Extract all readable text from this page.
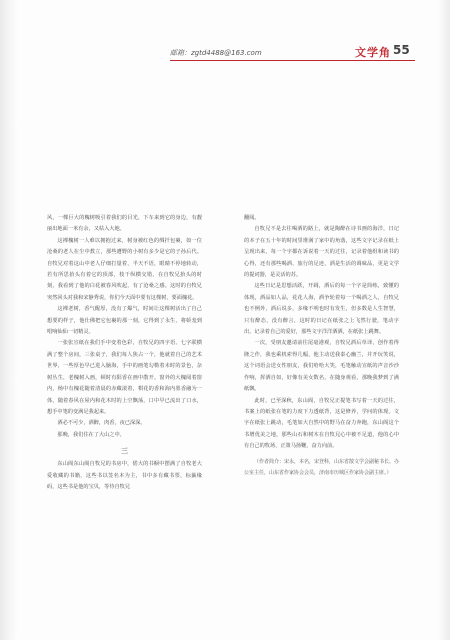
邮箱：zgtd4488@163.com	文学角 55

风，一棵巨大的槐树吸引着我们的目光，下车来到它的身边，有靓丽出地面一米有余，又枯入大地。

这裸槐树一人难以拥抱过来，树身被红色的绸扦包裹，如一位沧桑的老人在尘中教立，那些遭野的小树有多少是它的子孙后代。自牧兄对着这山中老人仔细打量着，半天不语，眼睛不停地转动，若有所思抬头有着它的顶部，枝干纵横交错，在自牧兄抬头的时刻，我看到了他的白花被春风吹起，有了沧桑之感。这时的自牧兄突然回头对我和宋静秀说，你们今天面中要有这棵树，要面槐花。

这裸老树，香气醒厚，没有了爆气，时间让这棵树活出了自己想要的样子，他仕佛把它包裹的那一刻，它得到了永生，将娇羞到唱响仙仙一切精灵。

一张张宣纸在我们手中变着色彩，自牧兄的四字语、七字联横满了整个房间，三张桌子，我们每人狭占一个，他就着自己的艺术世界，一些厚色早已进入脑海，手中的画笔勾勒着未时的景色，杂树丛生，老槐树入画，顿时有阳香在画中散开。窗外的大槐阅着窗内，杨中有槐花随着清晨的赤藏滚着，棋花的香和海内墨香融为一体，随着春风在屋内和花木时的上空飘荡，口中早已流出了口水，想手中笔的变满足我起来。

酒必不可少，酒醉，肉香，夜已深深。

那晚，我们住在了大山之中。

三

东山阁东山阁自牧兄的书房中，偌大的书橱中摆满了自牧老大爱收藏的书籍，这些书以签名本为主，书中多有藏书票，标籤缘码，这些书是他的宝贝，等待自牧兄

翻阅。

自牧兄不是去往喝酒的路上，就是陶醉在诗书画的海洋，日记的本子在五十年的时间里堆满了家中的角落，这些文字记录在纸上呈现出来，每一个字都在诉说着一天的过往，记录着他组和读书的心得，还有那些喝酒、旅行的足迹，酒是生活的调味品，更是文学的提词器，是灵活的苏。

这些日记是思想活跃，开阔，酒后的每一个字是简练，致懂的体现，酒品如人品，花花人海，酒争轮着每一个喝酒之人，自牧兄也不例外，酒后说多，多缘不明也时有发生，但多数是人生智慧，只有醉态，没有醉言，这时的日记在纸张之上飞然行驶，笔动字出，记录着自己的爱好，那些文字洋洋洒洒，在纸张上跳舞。

一次，受朋友邀请前往尾毫港观，自牧兄酒后草译，创作着得隆之作，我也乘机索得几幅，他主动送我泰心幽兰，并开玩笑说，这个词语会送女性朋友，我们哈哈大笑，毛笔触动宣纸的声音沙沙作响，挥洒自如，好像有美女数名，在随身观看，那晚我梦到了满纸飘。

此时，已至深秋，东山阁，自牧兄正提笔书写着一天的过往，书案上的纸张在笔的力度下力透纸背，这是修养，学问的体现。文字在纸张上跳动，毛笔如大自然中的野马在奋力奔跑，东山阁这个书增优美之地，那些山石和树木在自牧兄心中被不足道，他的心中有自己的牧场、正策马扬鞭，奋力向前。

（作者简介：宋永，本名，宋登科，山东省散文学会副秘书长、办公室主任，山东省作家协会会员，济南市历城区作家协会副主席。）
